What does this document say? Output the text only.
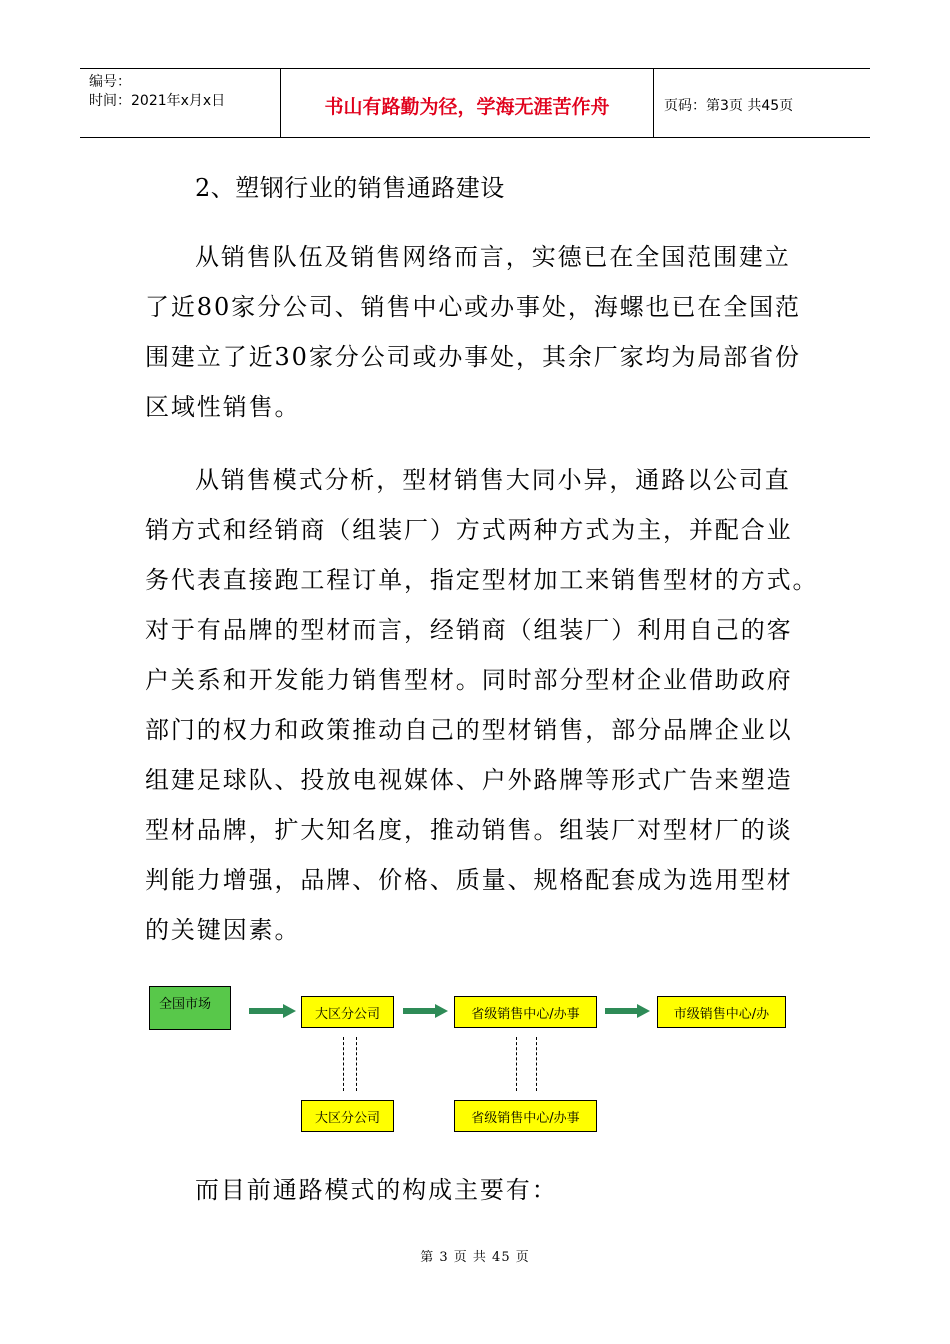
编号：
时间：2021年x月x日	书山有路勤为径，学海无涯苦作舟	页码：第3页 共45页
2、塑钢行业的销售通路建设

从销售队伍及销售网络而言，实德已在全国范围建立
了近80家分公司、销售中心或办事处，海螺也已在全国范
围建立了近30家分公司或办事处，其余厂家均为局部省份
区域性销售。

从销售模式分析，型材销售大同小异，通路以公司直
销方式和经销商（组装厂）方式两种方式为主，并配合业
务代表直接跑工程订单，指定型材加工来销售型材的方式。
对于有品牌的型材而言，经销商（组装厂）利用自己的客
户关系和开发能力销售型材。同时部分型材企业借助政府
部门的权力和政策推动自己的型材销售，部分品牌企业以
组建足球队、投放电视媒体、户外路牌等形式广告来塑造
型材品牌，扩大知名度，推动销售。组装厂对型材厂的谈
判能力增强，品牌、价格、质量、规格配套成为选用型材
的关键因素。

全国市场
大区分公司	省级销售中心/办事	市级销售中心/办
大区分公司	省级销售中心/办事
而目前通路模式的构成主要有：
第 3 页 共 45 页
